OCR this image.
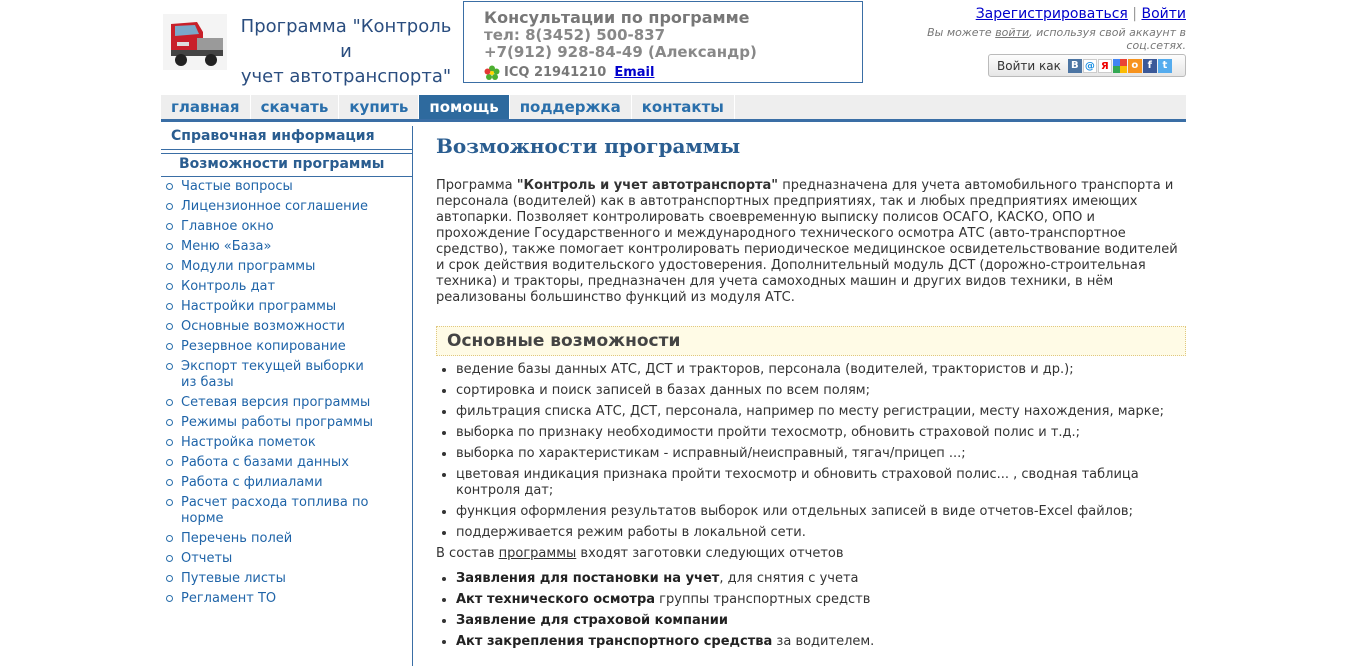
Программа "Контроль и
учет автотранспорта"
Консультации по программе
тел: 8(3452) 500-837
+7(912) 928-84-49 (Александр)
ICQ 21941210 Email
Зарегистрироваться | Войти
Вы можете войти, используя свой аккаунт в соц.сетях.
Войти как	B @ Я	o f	t
главная	скачать	купить	помощь	поддержка	контакты
Справочная информация
Возможности программы
Частые вопросы
Лицензионное соглашение
Главное окно
Меню «База»
Модули программы
Контроль дат
Настройки программы
Основные возможности
Резервное копирование
Экспорт текущей выборки из базы
Сетевая версия программы
Режимы работы программы
Настройка пометок
Работа с базами данных
Работа с филиалами
Расчет расхода топлива по норме
Перечень полей
Отчеты
Путевые листы
Регламент ТО
Возможности программы

Программа "Контроль и учет автотранспорта" предназначена для учета автомобильного транспорта и персонала (водителей) как в автотранспортных предприятиях, так и любых предприятиях имеющих автопарки. Позволяет контролировать своевременную выписку полисов ОСАГО, КАСКО, ОПО и прохождение Государственного и международного технического осмотра АТС (авто-транспортное средство), также помогает контролировать периодическое медицинское освидетельствование водителей и срок действия водительского удостоверения. Дополнительный модуль ДСТ (дорожно-строительная техника) и тракторы, предназначен для учета самоходных машин и других видов техники, в нём реализованы большинство функций из модуля АТС.

Основные возможности
• ведение базы данных АТС, ДСТ и тракторов, персонала (водителей, трактористов и др.);
• сортировка и поиск записей в базах данных по всем полям;
• фильтрация списка АТС, ДСТ, персонала, например по месту регистрации, месту нахождения, марке;
• выборка по признаку необходимости пройти техосмотр, обновить страховой полис и т.д.;
• выборка по характеристикам - исправный/неисправный, тягач/прицеп ...;
• цветовая индикация признака пройти техосмотр и обновить страховой полис... , сводная таблица контроля дат;
• функция оформления результатов выборок или отдельных записей в виде отчетов-Excel файлов;
• поддерживается режим работы в локальной сети.
В состав программы входят заготовки следующих отчетов
• Заявления для постановки на учет, для снятия с учета
• Акт технического осмотра группы транспортных средств
• Заявление для страховой компании
• Акт закрепления транспортного средства за водителем.
